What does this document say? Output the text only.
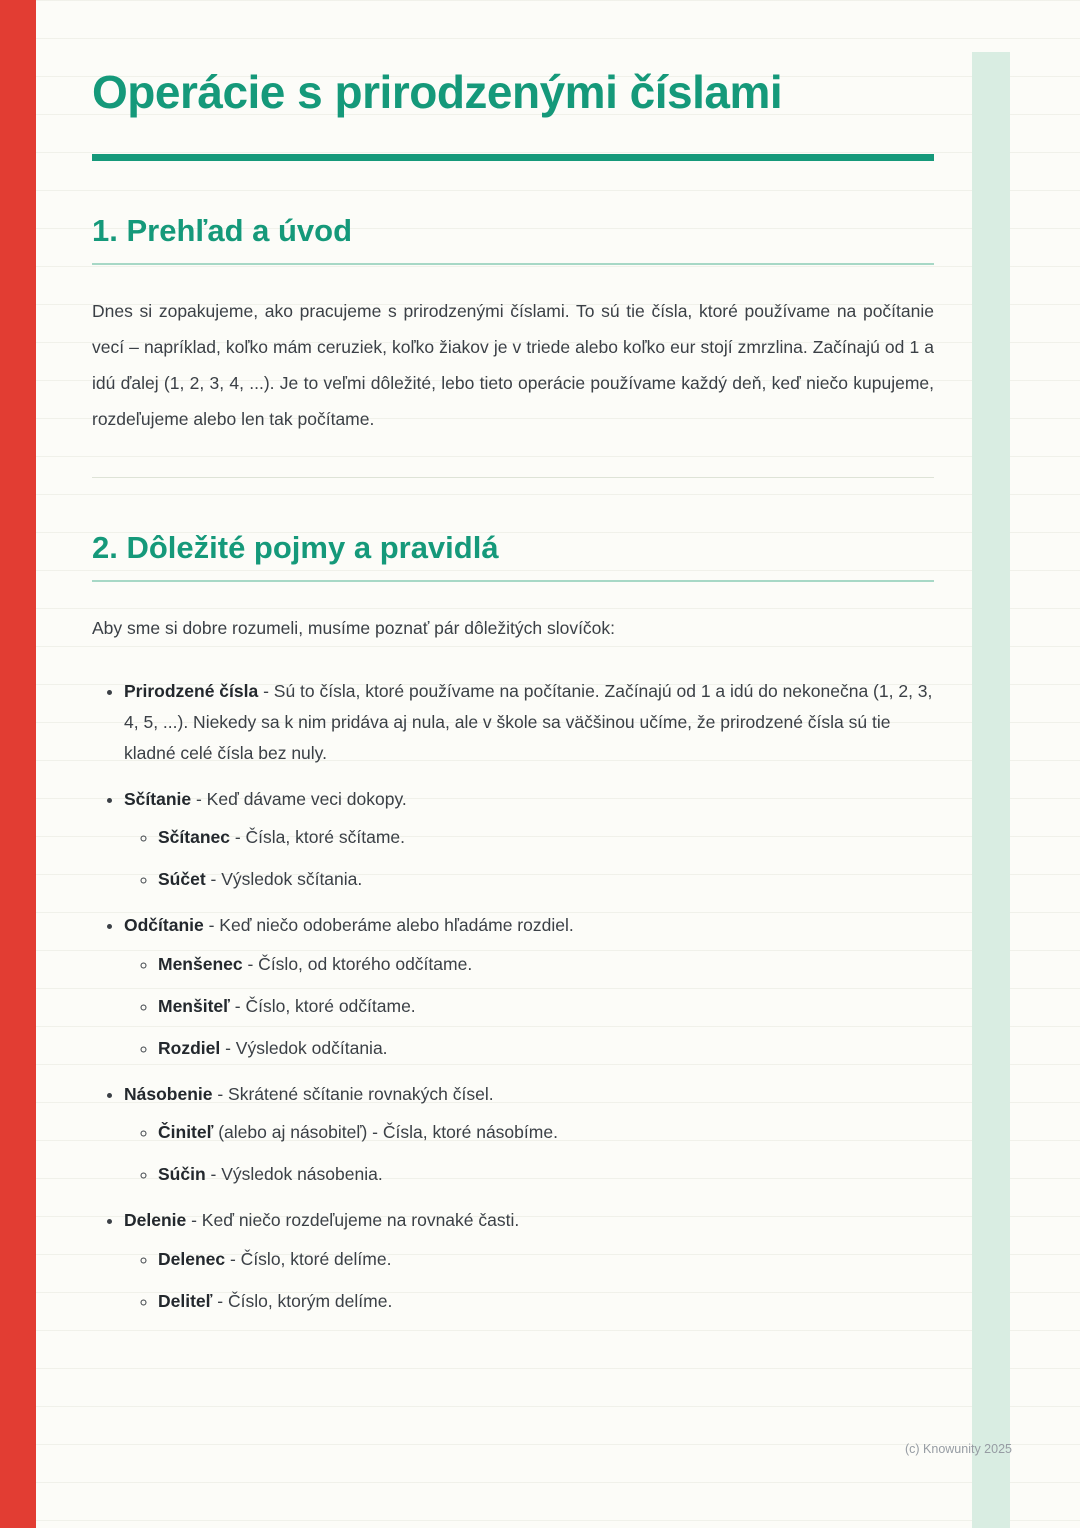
Operácie s prirodzenými číslami
1. Prehľad a úvod

Dnes si zopakujeme, ako pracujeme s prirodzenými číslami. To sú tie čísla, ktoré používame na počítanie vecí – napríklad, koľko mám ceruziek, koľko žiakov je v triede alebo koľko eur stojí zmrzlina. Začínajú od 1 a idú ďalej (1, 2, 3, 4, ...). Je to veľmi dôležité, lebo tieto operácie používame každý deň, keď niečo kupujeme, rozdeľujeme alebo len tak počítame.

2. Dôležité pojmy a pravidlá

Aby sme si dobre rozumeli, musíme poznať pár dôležitých slovíčok:

• Prirodzené čísla - Sú to čísla, ktoré používame na počítanie. Začínajú od 1 a idú do nekonečna (1, 2, 3, 4, 5, ...). Niekedy sa k nim pridáva aj nula, ale v škole sa väčšinou učíme, že prirodzené čísla sú tie kladné celé čísla bez nuly.
• Sčítanie - Keď dávame veci dokopy.
◦ Sčítanec - Čísla, ktoré sčítame.
◦ Súčet - Výsledok sčítania.
• Odčítanie - Keď niečo odoberáme alebo hľadáme rozdiel.
◦ Menšenec - Číslo, od ktorého odčítame.
◦ Menšiteľ - Číslo, ktoré odčítame.
◦ Rozdiel - Výsledok odčítania.
• Násobenie - Skrátené sčítanie rovnakých čísel.
◦ Činiteľ (alebo aj násobiteľ) - Čísla, ktoré násobíme.
◦ Súčin - Výsledok násobenia.
• Delenie - Keď niečo rozdeľujeme na rovnaké časti.
◦ Delenec - Číslo, ktoré delíme.
◦ Deliteľ - Číslo, ktorým delíme.
(c) Knowunity 2025
